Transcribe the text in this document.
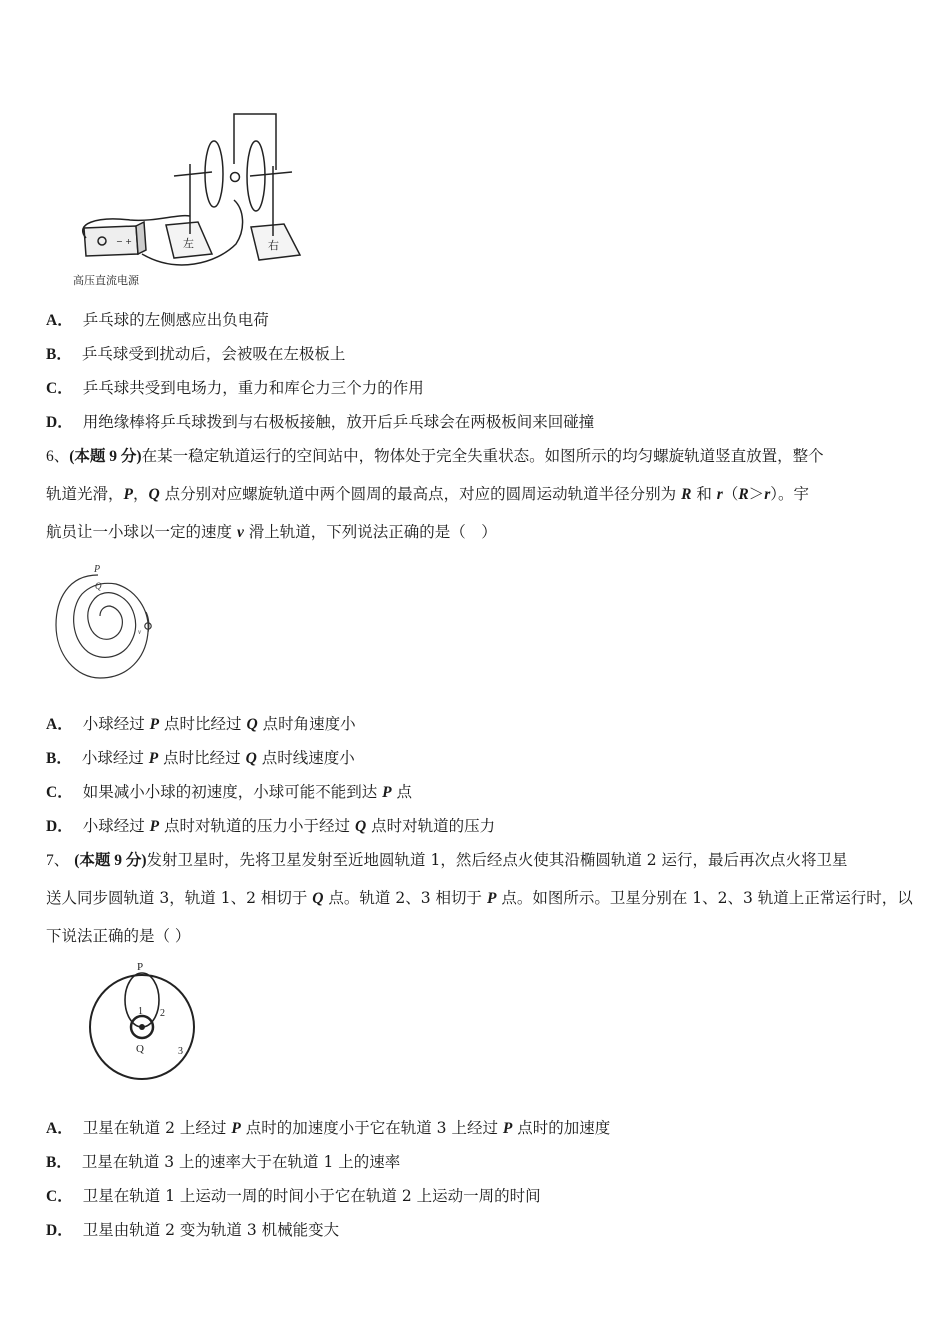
− +	左	右
高压直流电源
A． 乒乓球的左侧感应出负电荷
B． 乒乓球受到扰动后，会被吸在左极板上
C． 乒乓球共受到电场力，重力和库仑力三个力的作用
D． 用绝缘棒将乒乓球拨到与右极板接触，放开后乒乓球会在两极板间来回碰撞
6、(本题 9 分)在某一稳定轨道运行的空间站中，物体处于完全失重状态。如图所示的均匀螺旋轨道竖直放置，整个
轨道光滑，P，Q 点分别对应螺旋轨道中两个圆周的最高点，对应的圆周运动轨道半径分别为 R 和 r（R＞r）。宇
航员让一小球以一定的速度 v 滑上轨道，下列说法正确的是（　）
P
Q
v
A． 小球经过 P 点时比经过 Q 点时角速度小
B． 小球经过 P 点时比经过 Q 点时线速度小
C． 如果减小小球的初速度，小球可能不能到达 P 点
D． 小球经过 P 点时对轨道的压力小于经过 Q 点时对轨道的压力
7、 (本题 9 分)发射卫星时，先将卫星发射至近地圆轨道 1，然后经点火使其沿椭圆轨道 2 运行，最后再次点火将卫星
送人同步圆轨道 3，轨道 1、2 相切于 Q 点。轨道 2、3 相切于 P 点。如图所示。卫星分别在 1、2、3 轨道上正常运行时，以
下说法正确的是（ ）
P
Q
1 2
3
A． 卫星在轨道 2 上经过 P 点时的加速度小于它在轨道 3 上经过 P 点时的加速度
B． 卫星在轨道 3 上的速率大于在轨道 1 上的速率
C． 卫星在轨道 1 上运动一周的时间小于它在轨道 2 上运动一周的时间
D． 卫星由轨道 2 变为轨道 3 机械能变大
